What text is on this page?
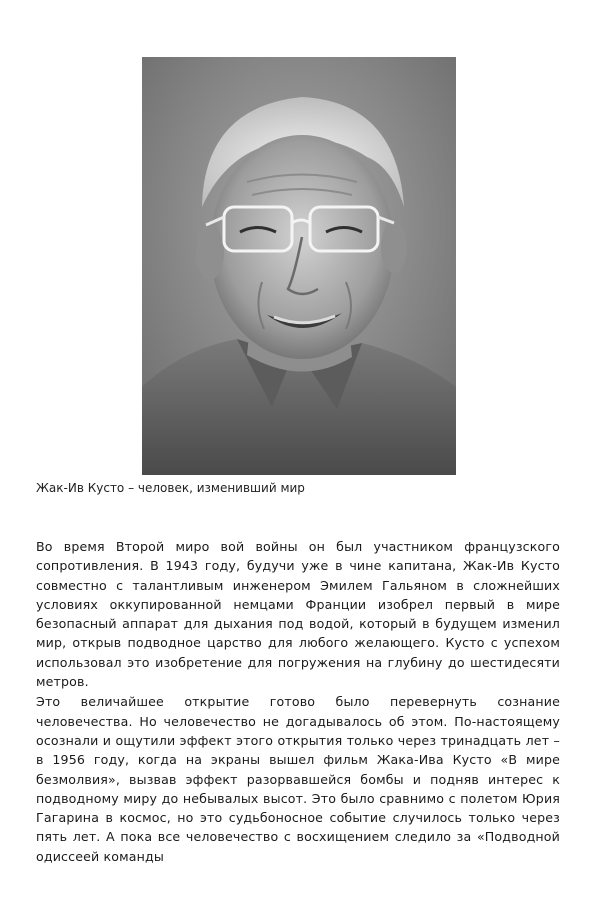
Жак-Ив Кусто – человек, изменивший мир

Во время Второй миро вой войны он был участником французского сопротивления. В 1943 году, будучи уже в чине капитана, Жак-Ив Кусто совместно с талантливым инженером Эмилем Гальяном в сложнейших условиях оккупированной немцами Франции изобрел первый в мире безопасный аппарат для дыхания под водой, который в будущем изменил мир, открыв подводное царство для любого желающего. Кусто с успехом использовал это изобретение для погружения на глубину до шестидесяти метров.

Это величайшее открытие готово было перевернуть сознание человечества. Но человечество не догадывалось об этом. По-настоящему осознали и ощутили эффект этого открытия только через тринадцать лет – в 1956 году, когда на экраны вышел фильм Жака-Ива Кусто «В мире безмолвия», вызвав эффект разорвавшейся бомбы и подняв интерес к подводному миру до небывалых высот. Это было сравнимо с полетом Юрия Гагарина в космос, но это судьбоносное событие случилось только через пять лет. А пока все человечество с восхищением следило за «Подводной одиссеей команды
